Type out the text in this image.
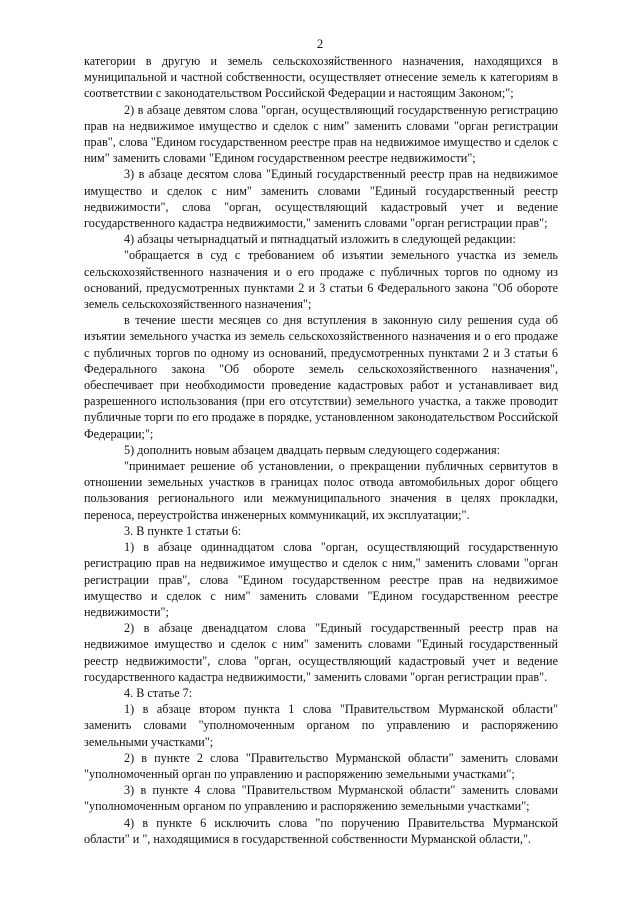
2

категории в другую и земель сельскохозяйственного назначения, находящихся в муниципальной и частной собственности, осуществляет отнесение земель к категориям в соответствии с законодательством Российской Федерации и настоящим Законом;";

2) в абзаце девятом слова "орган, осуществляющий государственную регистрацию прав на недвижимое имущество и сделок с ним" заменить словами "орган регистрации прав", слова "Едином государственном реестре прав на недвижимое имущество и сделок с ним" заменить словами "Едином государственном реестре недвижимости";

3) в абзаце десятом слова "Единый государственный реестр прав на недвижимое имущество и сделок с ним" заменить словами "Единый государственный реестр недвижимости", слова "орган, осуществляющий кадастровый учет и ведение государственного кадастра недвижимости," заменить словами "орган регистрации прав";

4) абзацы четырнадцатый и пятнадцатый изложить в следующей редакции:

"обращается в суд с требованием об изъятии земельного участка из земель сельскохозяйственного назначения и о его продаже с публичных торгов по одному из оснований, предусмотренных пунктами 2 и 3 статьи 6 Федерального закона "Об обороте земель сельскохозяйственного назначения";

в течение шести месяцев со дня вступления в законную силу решения суда об изъятии земельного участка из земель сельскохозяйственного назначения и о его продаже с публичных торгов по одному из оснований, предусмотренных пунктами 2 и 3 статьи 6 Федерального закона "Об обороте земель сельскохозяйственного назначения", обеспечивает при необходимости проведение кадастровых работ и устанавливает вид разрешенного использования (при его отсутствии) земельного участка, а также проводит публичные торги по его продаже в порядке, установленном законодательством Российской Федерации;";

5) дополнить новым абзацем двадцать первым следующего содержания:

"принимает решение об установлении, о прекращении публичных сервитутов в отношении земельных участков в границах полос отвода автомобильных дорог общего пользования регионального или межмуниципального значения в целях прокладки, переноса, переустройства инженерных коммуникаций, их эксплуатации;".

3. В пункте 1 статьи 6:

1) в абзаце одиннадцатом слова "орган, осуществляющий государственную регистрацию прав на недвижимое имущество и сделок с ним," заменить словами "орган регистрации прав", слова "Едином государственном реестре прав на недвижимое имущество и сделок с ним" заменить словами "Едином государственном реестре недвижимости";

2) в абзаце двенадцатом слова "Единый государственный реестр прав на недвижимое имущество и сделок с ним" заменить словами "Единый государственный реестр недвижимости", слова "орган, осуществляющий кадастровый учет и ведение государственного кадастра недвижимости," заменить словами "орган регистрации прав".

4. В статье 7:

1) в абзаце втором пункта 1 слова "Правительством Мурманской области" заменить словами "уполномоченным органом по управлению и распоряжению земельными участками";

2) в пункте 2 слова "Правительство Мурманской области" заменить словами "уполномоченный орган по управлению и распоряжению земельными участками";

3) в пункте 4 слова "Правительством Мурманской области" заменить словами "уполномоченным органом по управлению и распоряжению земельными участками";

4) в пункте 6 исключить слова "по поручению Правительства Мурманской области" и ", находящимися в государственной собственности Мурманской области,".
